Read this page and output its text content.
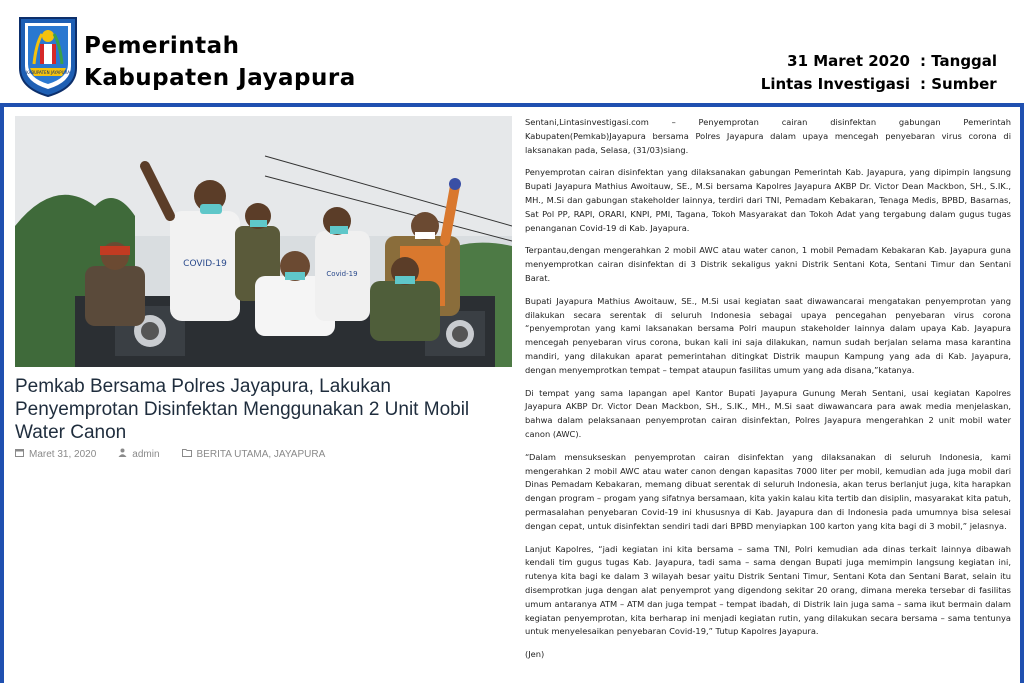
KABUPATEN JAYAPURA
Pemerintah
Kabupaten Jayapura
31 Maret 2020 : Tanggal
Lintas Investigasi : Sumber
COVID-19
Covid-19
Pemkab Bersama Polres Jayapura, Lakukan Penyemprotan Disinfektan Menggunakan 2 Unit Mobil Water Canon
Maret 31, 2020	admin	BERITA UTAMA, JAYAPURA

Sentani,Lintasinvestigasi.com – Penyemprotan cairan disinfektan gabungan Pemerintah Kabupaten(Pemkab)Jayapura bersama Polres Jayapura dalam upaya mencegah penyebaran virus corona di laksanakan pada, Selasa, (31/03)siang.

Penyemprotan cairan disinfektan yang dilaksanakan gabungan Pemerintah Kab. Jayapura, yang dipimpin langsung Bupati Jayapura Mathius Awoitauw, SE., M.Si bersama Kapolres Jayapura AKBP Dr. Victor Dean Mackbon, SH., S.IK., MH., M.Si dan gabungan stakeholder lainnya, terdiri dari TNI, Pemadam Kebakaran, Tenaga Medis, BPBD, Basarnas, Sat Pol PP, RAPI, ORARI, KNPI, PMI, Tagana, Tokoh Masyarakat dan Tokoh Adat yang tergabung dalam gugus tugas penanganan Covid-19 di Kab. Jayapura.

Terpantau,dengan mengerahkan 2 mobil AWC atau water canon, 1 mobil Pemadam Kebakaran Kab. Jayapura guna menyemprotkan cairan disinfektan di 3 Distrik sekaligus yakni Distrik Sentani Kota, Sentani Timur dan Sentani Barat.

Bupati Jayapura Mathius Awoitauw, SE., M.Si usai kegiatan saat diwawancarai mengatakan penyemprotan yang dilakukan secara serentak di seluruh Indonesia sebagai upaya pencegahan penyebaran virus corona “penyemprotan yang kami laksanakan bersama Polri maupun stakeholder lainnya dalam upaya Kab. Jayapura mencegah penyebaran virus corona, bukan kali ini saja dilakukan, namun sudah berjalan selama masa karantina mandiri, yang dilakukan aparat pemerintahan ditingkat Distrik maupun Kampung yang ada di Kab. Jayapura, dengan menyemprotkan tempat – tempat ataupun fasilitas umum yang ada disana,”katanya.

Di tempat yang sama lapangan apel Kantor Bupati Jayapura Gunung Merah Sentani, usai kegiatan Kapolres Jayapura AKBP Dr. Victor Dean Mackbon, SH., S.IK., MH., M.Si saat diwawancara para awak media menjelaskan, bahwa dalam pelaksanaan penyemprotan cairan disinfektan, Polres Jayapura mengerahkan 2 unit mobil water canon (AWC).

“Dalam mensukseskan penyemprotan cairan disinfektan yang dilaksanakan di seluruh Indonesia, kami mengerahkan 2 mobil AWC atau water canon dengan kapasitas 7000 liter per mobil, kemudian ada juga mobil dari Dinas Pemadam Kebakaran, memang dibuat serentak di seluruh Indonesia, akan terus berlanjut juga, kita harapkan dengan program – progam yang sifatnya bersamaan, kita yakin kalau kita tertib dan disiplin, masyarakat kita patuh, permasalahan penyebaran Covid-19 ini khususnya di Kab. Jayapura dan di Indonesia pada umumnya bisa selesai dengan cepat, untuk disinfektan sendiri tadi dari BPBD menyiapkan 100 karton yang kita bagi di 3 mobil,” jelasnya.

Lanjut Kapolres, “jadi kegiatan ini kita bersama – sama TNI, Polri kemudian ada dinas terkait lainnya dibawah kendali tim gugus tugas Kab. Jayapura, tadi sama – sama dengan Bupati juga memimpin langsung kegiatan ini, rutenya kita bagi ke dalam 3 wilayah besar yaitu Distrik Sentani Timur, Sentani Kota dan Sentani Barat, selain itu disemprotkan juga dengan alat penyemprot yang digendong sekitar 20 orang, dimana mereka tersebar di fasilitas umum antaranya ATM – ATM dan juga tempat – tempat ibadah, di Distrik lain juga sama – sama ikut bermain dalam kegiatan penyemprotan, kita berharap ini menjadi kegiatan rutin, yang dilakukan secara bersama – sama tentunya untuk menyelesaikan penyebaran Covid-19,” Tutup Kapolres Jayapura.

(Jen)
